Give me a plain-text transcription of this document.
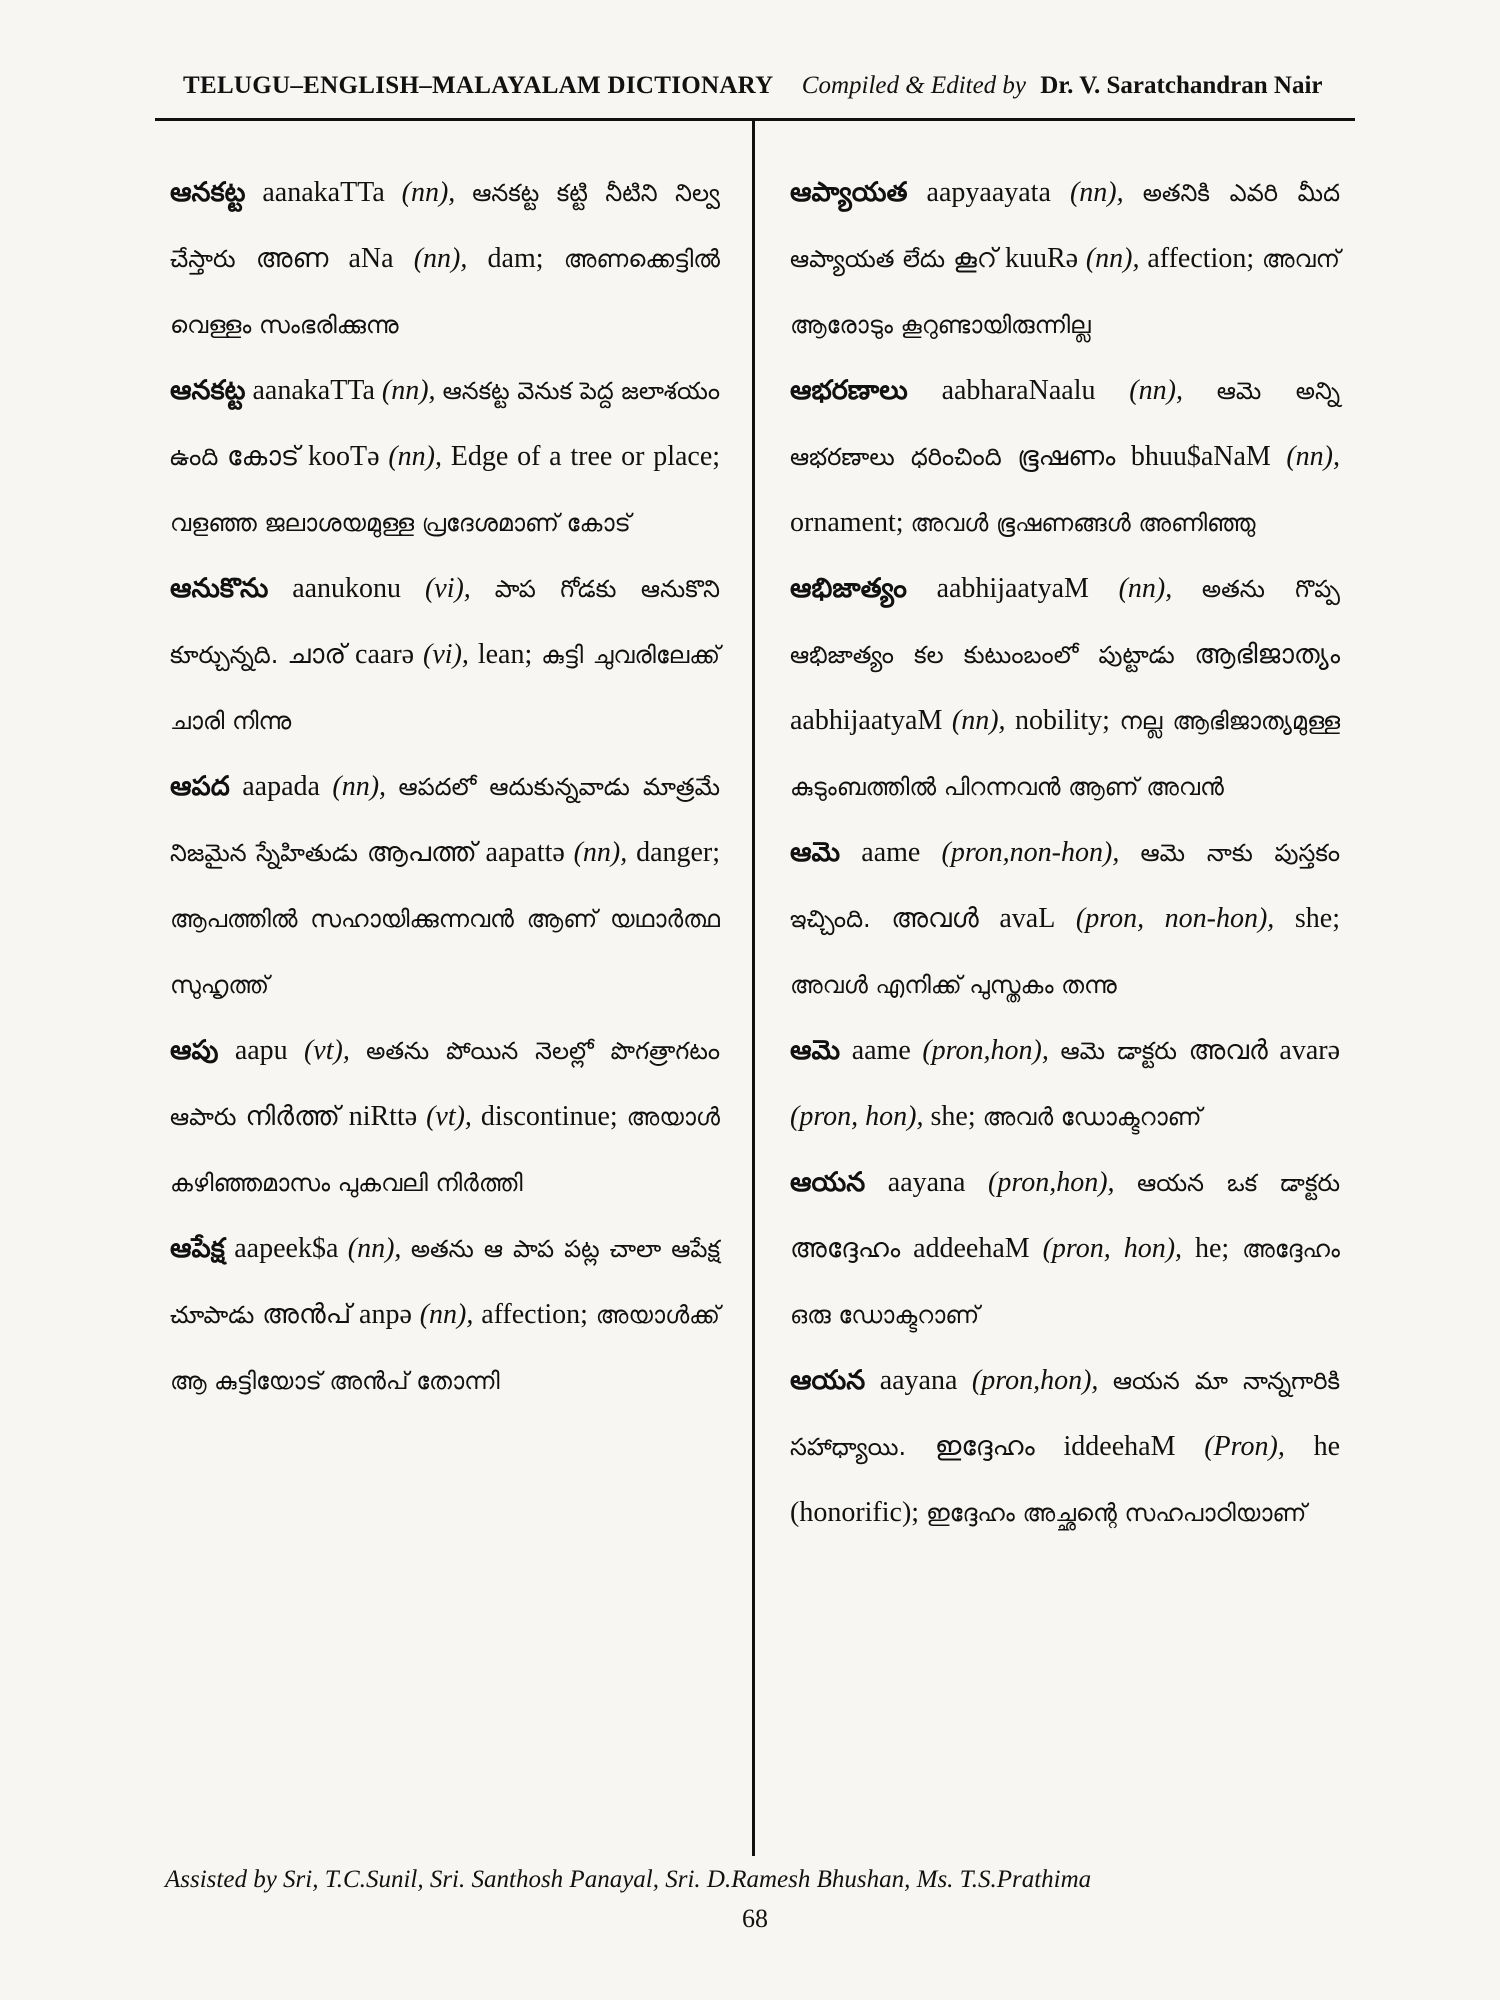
TELUGU–ENGLISH–MALAYALAM DICTIONARY Compiled & Edited by Dr. V. Saratchandran Nair

ఆనకట్ట aanakaTTa (nn), ఆనకట్ట కట్టి నీటిని నిల్వ చేస్తారు അണ aNa (nn), dam; അണക്കെട്ടിൽ വെള്ളം സംഭരിക്കുന്നു

ఆనకట్ట aanakaTTa (nn), ఆనకట్ట వెనుక పెద్ద జలాశయం ఉంది കോട് kooTə (nn), Edge of a tree or place; വളഞ്ഞ ജലാശയമുള്ള പ്രദേശമാണ് കോട്

ఆనుకొను aanukonu (vi), పాప గోడకు ఆనుకొని కూర్చున్నది. ചാര് caarə (vi), lean; കുട്ടി ചുവരിലേക്ക് ചാരി നിന്നു

ఆపద aapada (nn), ఆపదలో ఆదుకున్నవాడు మాత్రమే నిజమైన స్నేహితుడు ആപത്ത് aapattə (nn), danger; ആപത്തിൽ സഹായിക്കുന്നവൻ ആണ് യഥാർത്ഥ സുഹൃത്ത്

ఆపు aapu (vt), అతను పోయిన నెలల్లో పొగత్రాగటం ఆపారు നിർത്ത് niRttə (vt), discontinue; അയാൾ കഴിഞ്ഞമാസം പുകവലി നിർത്തി

ఆపేక్ష aapeek$a (nn), అతను ఆ పాప పట్ల చాలా ఆపేక్ష చూపాడు അൻപ് anpə (nn), affection; അയാൾക്ക് ആ കുട്ടിയോട് അൻപ് തോന്നി

ఆప్యాయత aapyaayata (nn), అతనికి ఎవరి మీద ఆప్యాయత లేదు കൂറ് kuuRə (nn), affection; അവന് ആരോടും കൂറുണ്ടായിരുന്നില്ല

ఆభరణాలు aabharaNaalu (nn), ఆమె అన్ని ఆభరణాలు ధరించింది ഭൂഷണം bhuu$aNaM (nn), ornament; അവൾ ഭൂഷണങ്ങൾ അണിഞ്ഞു

ఆభిజాత్యం aabhijaatyaM (nn), అతను గొప్ప ఆభిజాత్యం కల కుటుంబంలో పుట్టాడు ആഭിജാത്യം aabhijaatyaM (nn), nobility; നല്ല ആഭിജാത്യമുള്ള കുടുംബത്തിൽ പിറന്നവൻ ആണ് അവൻ

ఆమె aame (pron,non-hon), ఆమె నాకు పుస్తకం ఇచ్చింది. അവൾ avaL (pron, non-hon), she; അവൾ എനിക്ക് പുസ്തകം തന്നു

ఆమె aame (pron,hon), ఆమె డాక్టరు അവർ avarə (pron, hon), she; അവർ ഡോക്ടറാണ്

ఆయన aayana (pron,hon), ఆయన ఒక డాక్టరు അദ്ദേഹം addeehaM (pron, hon), he; അദ്ദേഹം ഒരു ഡോക്ടറാണ്

ఆయన aayana (pron,hon), ఆయన మా నాన్నగారికి సహాధ్యాయి. ഇദ്ദേഹം iddeehaM (Pron), he (honorific); ഇദ്ദേഹം അച്ഛന്റെ സഹപാഠിയാണ്

Assisted by Sri, T.C.Sunil, Sri. Santhosh Panayal, Sri. D.Ramesh Bhushan, Ms. T.S.Prathima
68
